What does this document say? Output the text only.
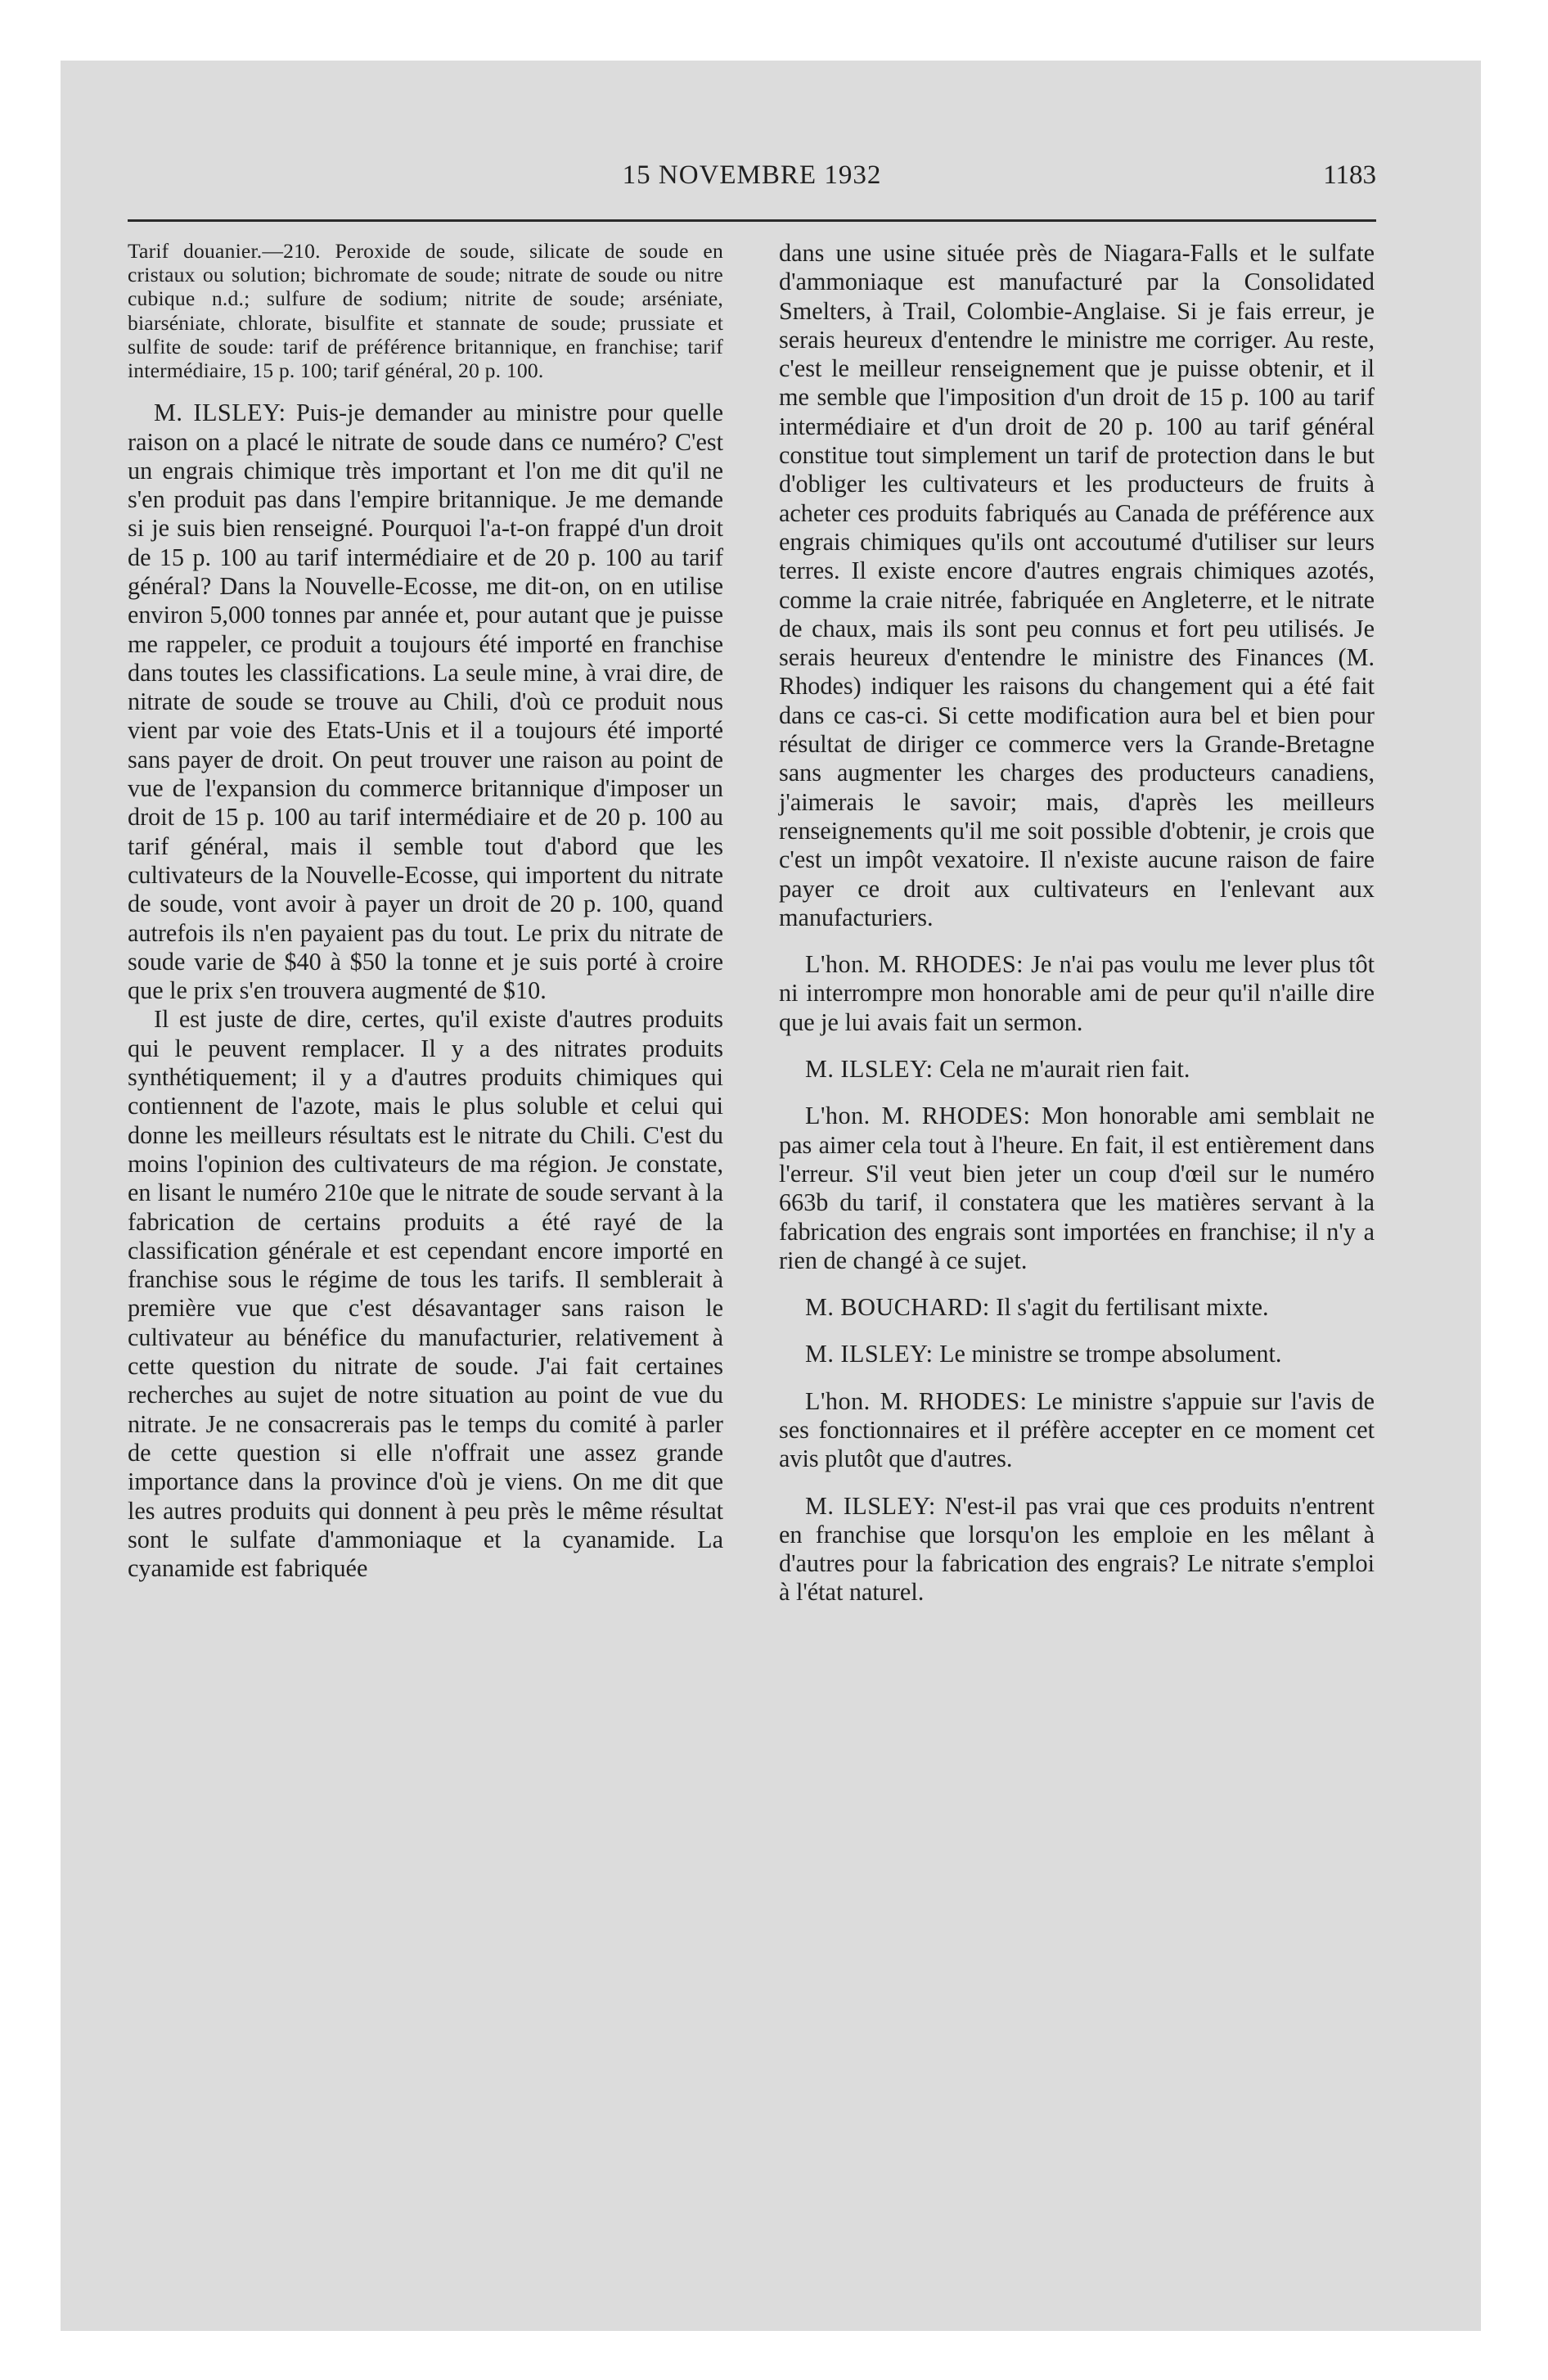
15 NOVEMBRE 1932	1183

Tarif douanier.—210. Peroxide de soude, silicate de soude en cristaux ou solution; bichromate de soude; nitrate de soude ou nitre cubique n.d.; sulfure de sodium; nitrite de soude; arséniate, biarséniate, chlorate, bisulfite et stannate de soude; prussiate et sulfite de soude: tarif de préférence britannique, en franchise; tarif intermédiaire, 15 p. 100; tarif général, 20 p. 100.

M. ILSLEY: Puis-je demander au ministre pour quelle raison on a placé le nitrate de soude dans ce numéro? C'est un engrais chimique très important et l'on me dit qu'il ne s'en produit pas dans l'empire britannique. Je me demande si je suis bien renseigné. Pourquoi l'a-t-on frappé d'un droit de 15 p. 100 au tarif intermédiaire et de 20 p. 100 au tarif général? Dans la Nouvelle-Ecosse, me dit-on, on en utilise environ 5,000 tonnes par année et, pour autant que je puisse me rappeler, ce produit a toujours été importé en franchise dans toutes les classifications. La seule mine, à vrai dire, de nitrate de soude se trouve au Chili, d'où ce produit nous vient par voie des Etats-Unis et il a toujours été importé sans payer de droit. On peut trouver une raison au point de vue de l'expansion du commerce britannique d'imposer un droit de 15 p. 100 au tarif intermédiaire et de 20 p. 100 au tarif général, mais il semble tout d'abord que les cultivateurs de la Nouvelle-Ecosse, qui importent du nitrate de soude, vont avoir à payer un droit de 20 p. 100, quand autrefois ils n'en payaient pas du tout. Le prix du nitrate de soude varie de $40 à $50 la tonne et je suis porté à croire que le prix s'en trouvera augmenté de $10.

Il est juste de dire, certes, qu'il existe d'autres produits qui le peuvent remplacer. Il y a des nitrates produits synthétiquement; il y a d'autres produits chimiques qui contiennent de l'azote, mais le plus soluble et celui qui donne les meilleurs résultats est le nitrate du Chili. C'est du moins l'opinion des cultivateurs de ma région. Je constate, en lisant le numéro 210e que le nitrate de soude servant à la fabrication de certains produits a été rayé de la classification générale et est cependant encore importé en franchise sous le régime de tous les tarifs. Il semblerait à première vue que c'est désavantager sans raison le cultivateur au bénéfice du manufacturier, relativement à cette question du nitrate de soude. J'ai fait certaines recherches au sujet de notre situation au point de vue du nitrate. Je ne consacrerais pas le temps du comité à parler de cette question si elle n'offrait une assez grande importance dans la province d'où je viens. On me dit que les autres produits qui donnent à peu près le même résultat sont le sulfate d'ammoniaque et la cyanamide. La cyanamide est fabriquée

dans une usine située près de Niagara-Falls et le sulfate d'ammoniaque est manufacturé par la Consolidated Smelters, à Trail, Colombie-Anglaise. Si je fais erreur, je serais heureux d'entendre le ministre me corriger. Au reste, c'est le meilleur renseignement que je puisse obtenir, et il me semble que l'imposition d'un droit de 15 p. 100 au tarif intermédiaire et d'un droit de 20 p. 100 au tarif général constitue tout simplement un tarif de protection dans le but d'obliger les cultivateurs et les producteurs de fruits à acheter ces produits fabriqués au Canada de préférence aux engrais chimiques qu'ils ont accoutumé d'utiliser sur leurs terres. Il existe encore d'autres engrais chimiques azotés, comme la craie nitrée, fabriquée en Angleterre, et le nitrate de chaux, mais ils sont peu connus et fort peu utilisés. Je serais heureux d'entendre le ministre des Finances (M. Rhodes) indiquer les raisons du changement qui a été fait dans ce cas-ci. Si cette modification aura bel et bien pour résultat de diriger ce commerce vers la Grande-Bretagne sans augmenter les charges des producteurs canadiens, j'aimerais le savoir; mais, d'après les meilleurs renseignements qu'il me soit possible d'obtenir, je crois que c'est un impôt vexatoire. Il n'existe aucune raison de faire payer ce droit aux cultivateurs en l'enlevant aux manufacturiers.

L'hon. M. RHODES: Je n'ai pas voulu me lever plus tôt ni interrompre mon honorable ami de peur qu'il n'aille dire que je lui avais fait un sermon.

M. ILSLEY: Cela ne m'aurait rien fait.

L'hon. M. RHODES: Mon honorable ami semblait ne pas aimer cela tout à l'heure. En fait, il est entièrement dans l'erreur. S'il veut bien jeter un coup d'œil sur le numéro 663b du tarif, il constatera que les matières servant à la fabrication des engrais sont importées en franchise; il n'y a rien de changé à ce sujet.

M. BOUCHARD: Il s'agit du fertilisant mixte.

M. ILSLEY: Le ministre se trompe absolument.

L'hon. M. RHODES: Le ministre s'appuie sur l'avis de ses fonctionnaires et il préfère accepter en ce moment cet avis plutôt que d'autres.

M. ILSLEY: N'est-il pas vrai que ces produits n'entrent en franchise que lorsqu'on les emploie en les mêlant à d'autres pour la fabrication des engrais? Le nitrate s'emploi à l'état naturel.
